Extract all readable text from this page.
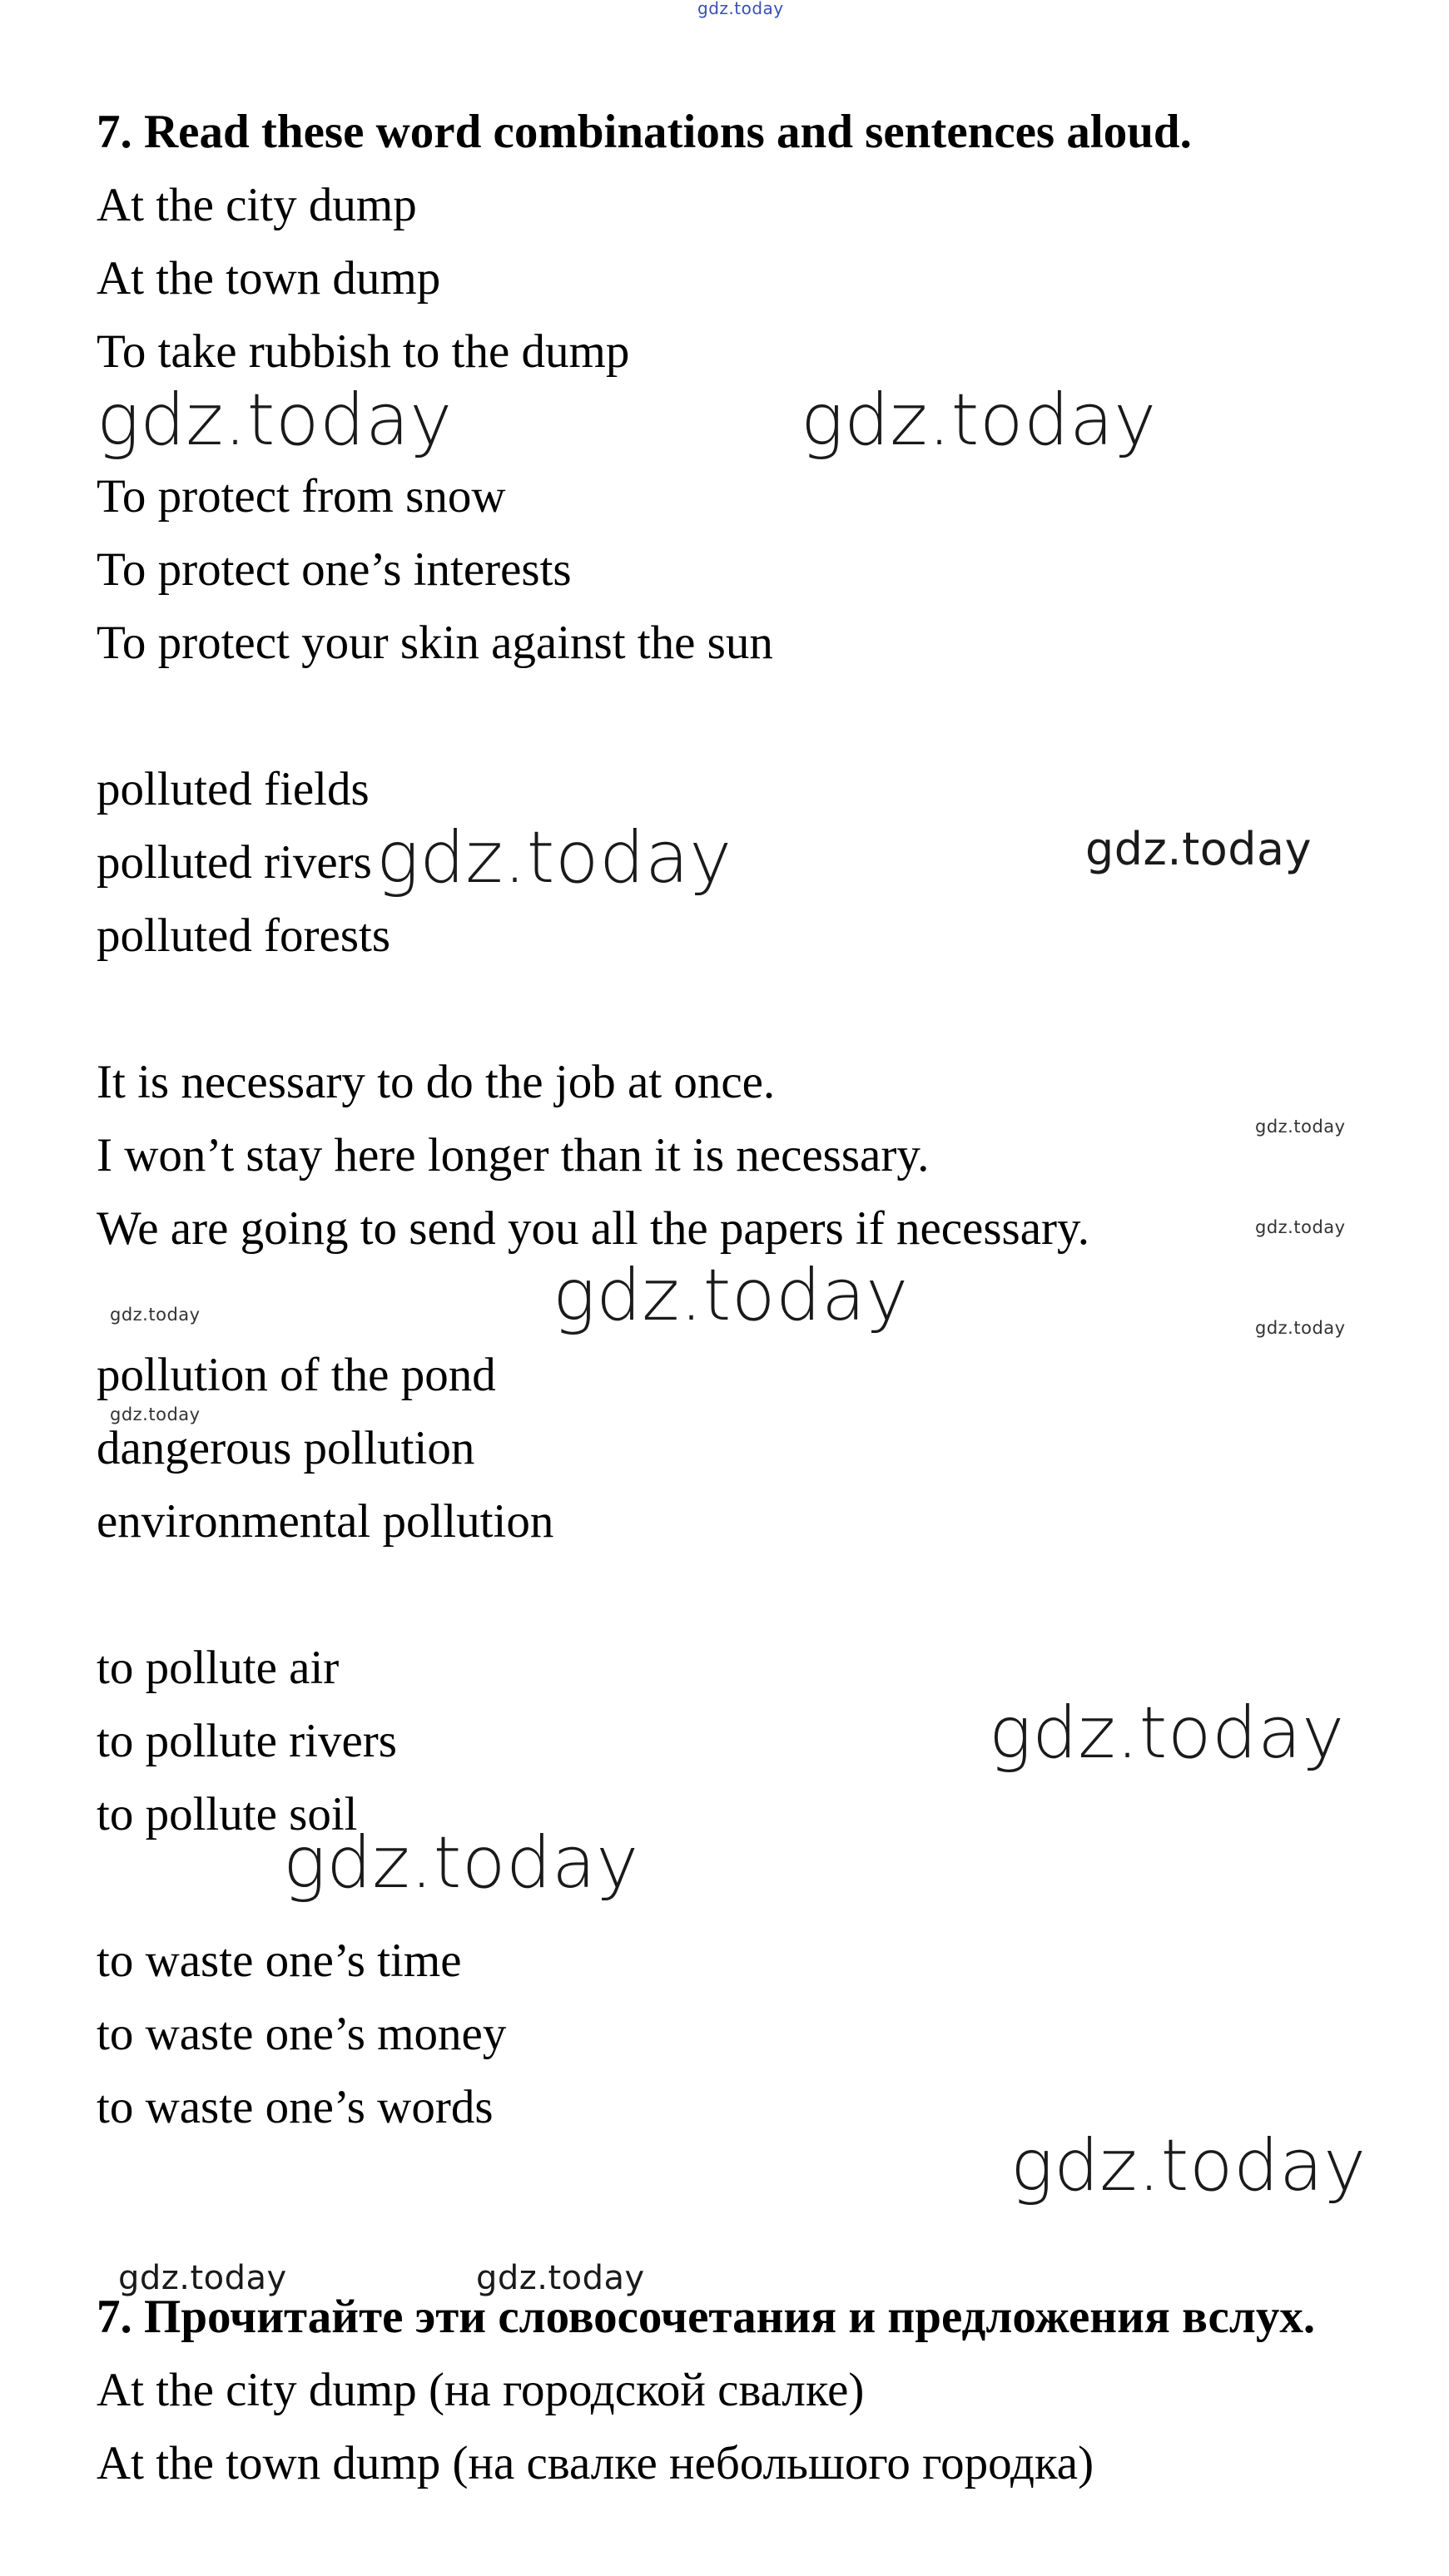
gdz.today
7. Read these word combinations and sentences aloud.
At the city dump
At the town dump
To take rubbish to the dump
gdz.today	gdz.today
To protect from snow
To protect one’s interests
To protect your skin against the sun
polluted fields
polluted rivers gdz.today	gdz.today
polluted forests
It is necessary to do the job at once.
gdz.today
I won’t stay here longer than it is necessary.
gdz.today
We are going to send you all the papers if necessary.
gdz.today
gdz.today
gdz.today
pollution of the pond
gdz.today
dangerous pollution
environmental pollution
to pollute air
to pollute rivers	gdz.today
to pollute soil
gdz.today
to waste one’s time
to waste one’s money
to waste one’s words
gdz.today
gdz.today	gdz.today
7. Прочитайте эти словосочетания и предложения вслух.
At the city dump (на городской свалке)
At the town dump (на свалке небольшого городка)
